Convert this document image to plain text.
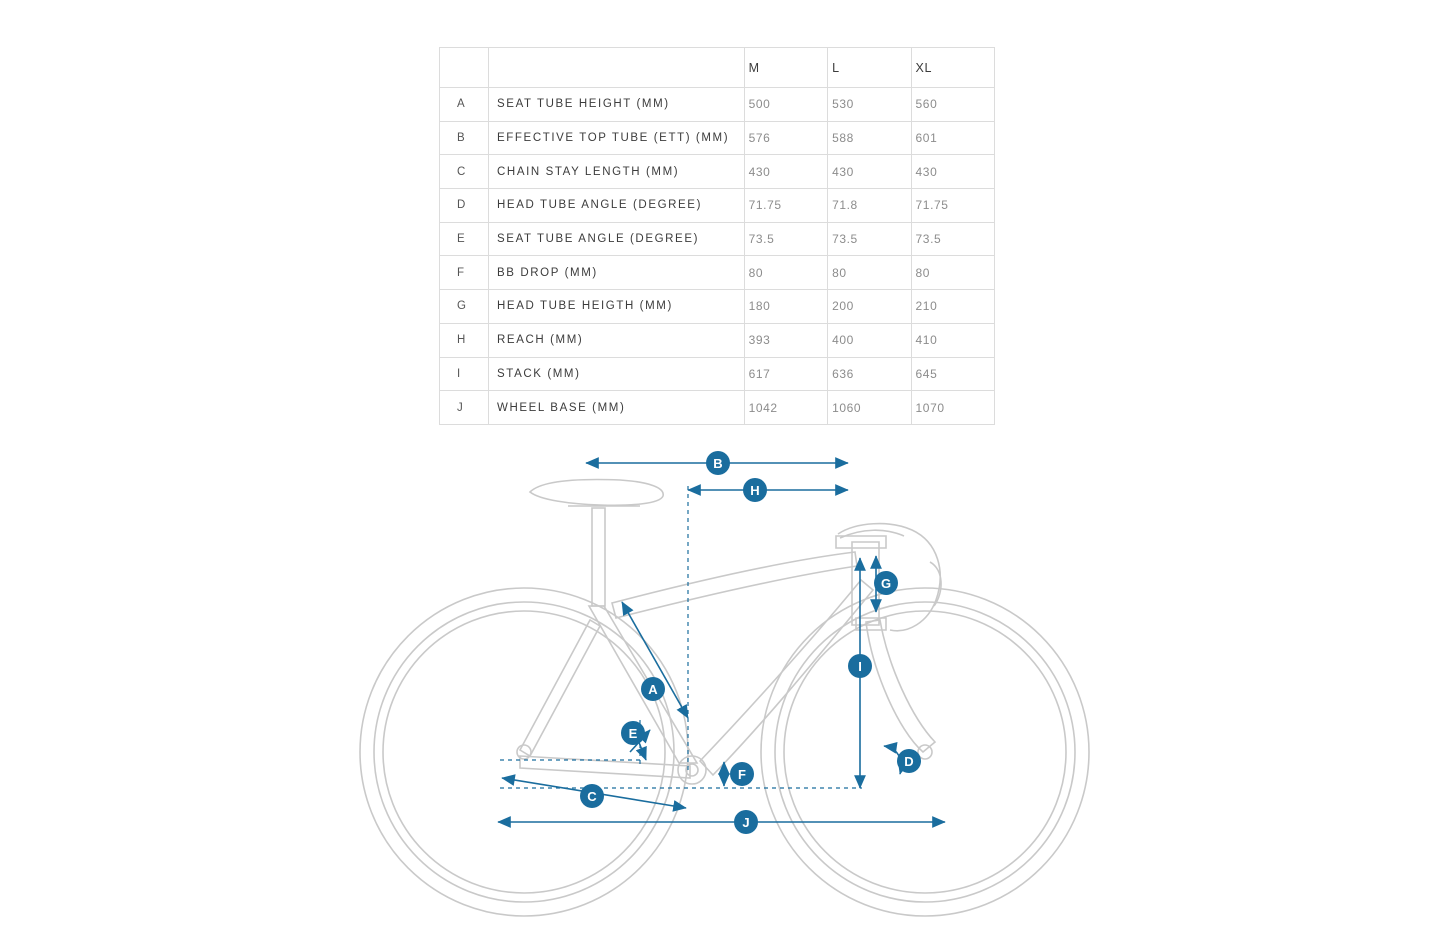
		M	L	XL
A	SEAT TUBE HEIGHT (MM)	500	530	560
B	EFFECTIVE TOP TUBE (ETT) (MM)	576	588	601
C	CHAIN STAY LENGTH (MM)	430	430	430
D	HEAD TUBE ANGLE (DEGREE)	71.75	71.8	71.75
E	SEAT TUBE ANGLE (DEGREE)	73.5	73.5	73.5
F	BB DROP (MM)	80	80	80
G	HEAD TUBE HEIGTH (MM)	180	200	210
H	REACH (MM)	393	400	410
I	STACK (MM)	617	636	645
J	WHEEL BASE (MM)	1042	1060	1070
B
H
G
A
I
E
D
F
C
J
